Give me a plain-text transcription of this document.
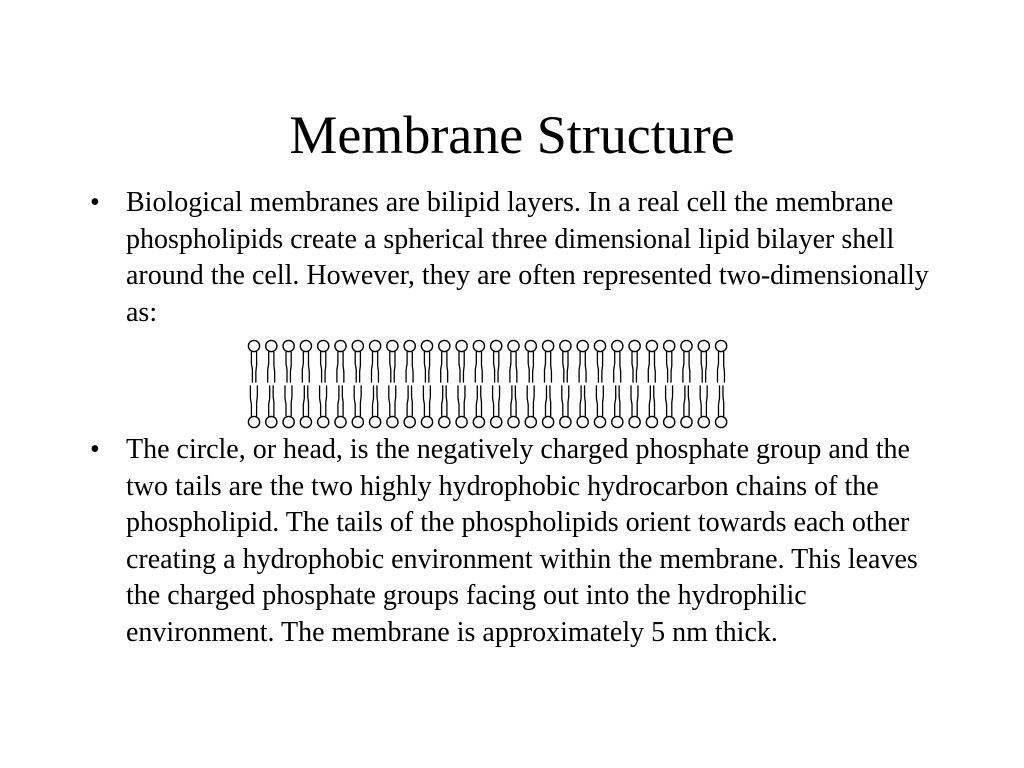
Membrane Structure
• Biological membranes are bilipid layers. In a real cell the membrane phospholipids create a spherical three dimensional lipid bilayer shell around the cell. However, they are often represented two-dimensionally as:
• The circle, or head, is the negatively charged phosphate group and the two tails are the two highly hydrophobic hydrocarbon chains of the phospholipid. The tails of the phospholipids orient towards each other creating a hydrophobic environment within the membrane. This leaves the charged phosphate groups facing out into the hydrophilic environment. The membrane is approximately 5 nm thick.
